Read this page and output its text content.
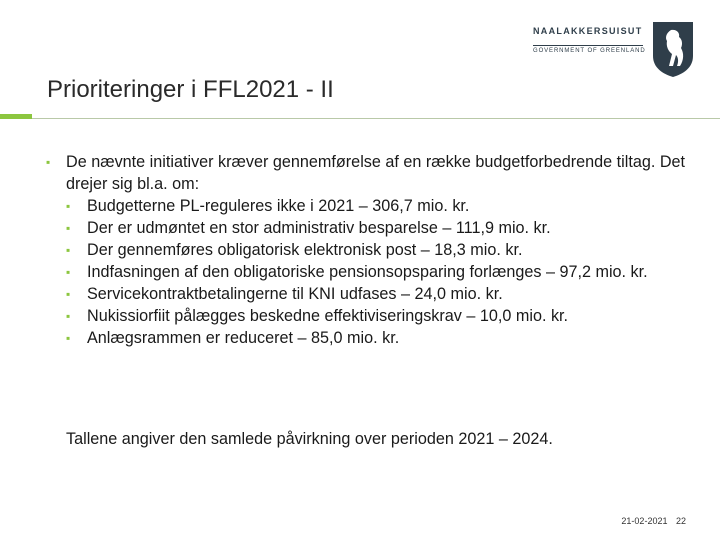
NAALAKKERSUISUT
GOVERNMENT OF GREENLAND
Prioriteringer i FFL2021 - II
▪ De nævnte initiativer kræver gennemførelse af en række budgetforbedrende tiltag. Det drejer sig bl.a. om:
▪ Budgetterne PL-reguleres ikke i 2021 – 306,7 mio. kr.
▪ Der er udmøntet en stor administrativ besparelse – 111,9 mio. kr.
▪ Der gennemføres obligatorisk elektronisk post – 18,3 mio. kr.
▪ Indfasningen af den obligatoriske pensionsopsparing forlænges – 97,2 mio. kr.
▪ Servicekontraktbetalingerne til KNI udfases – 24,0 mio. kr.
▪ Nukissiorfiit pålægges beskedne effektiviseringskrav – 10,0 mio. kr.
▪ Anlægsrammen er reduceret – 85,0 mio. kr.
Tallene angiver den samlede påvirkning over perioden 2021 – 2024.
21-02-2021 22
